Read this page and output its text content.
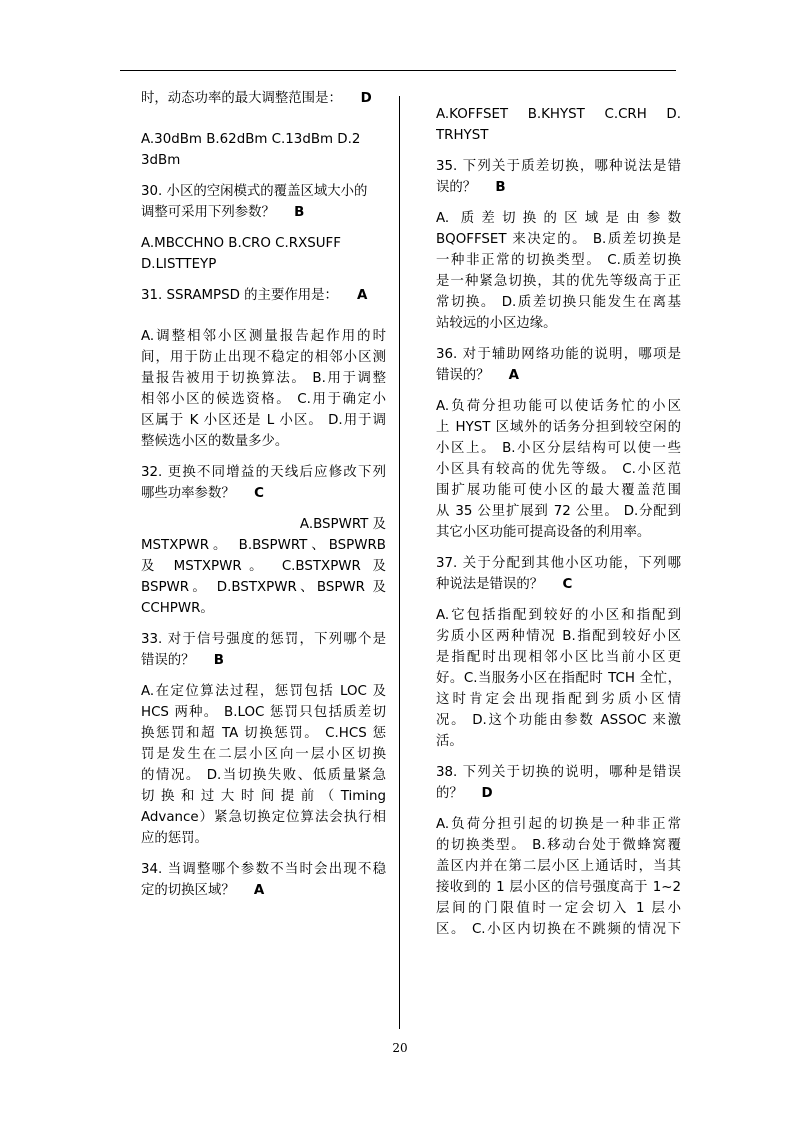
时，动态功率的最大调整范围是： D
A.30dBm B.62dBm C.13dBm D.2
3dBm
30. 小区的空闲模式的覆盖区域大小的
调整可采用下列参数？ B
A.MBCCHNO B.CRO C.RXSUFF
D.LISTTEYP
31. SSRAMPSD 的主要作用是： A
A.调整相邻小区测量报告起作用的时
间，用于防止出现不稳定的相邻小区测
量报告被用于切换算法。 B.用于调整
相邻小区的候选资格。 C.用于确定小
区属于 K 小区还是 L 小区。 D.用于调
整候选小区的数量多少。
32. 更换不同增益的天线后应修改下列
哪些功率参数？ C
A.BSPWRT 及
MSTXPWR。 B.BSPWRT、BSPWRB
及 MSTXPWR。 C.BSTXPWR 及
BSPWR。 D.BSTXPWR、BSPWR 及
CCHPWR。
33. 对于信号强度的惩罚，下列哪个是
错误的？ B
A.在定位算法过程，惩罚包括 LOC 及
HCS 两种。 B.LOC 惩罚只包括质差切
换惩罚和超 TA 切换惩罚。 C.HCS 惩
罚是发生在二层小区向一层小区切换
的情况。 D.当切换失败、低质量紧急
切换和过大时间提前（Timing
Advance）紧急切换定位算法会执行相
应的惩罚。
34. 当调整哪个参数不当时会出现不稳
定的切换区域？ A
A.KOFFSET B.KHYST C.CRH D.
TRHYST
35. 下列关于质差切换，哪种说法是错
误的？ B
A. 质差切换的区域是由参数
BQOFFSET 来决定的。 B.质差切换是
一种非正常的切换类型。 C.质差切换
是一种紧急切换，其的优先等级高于正
常切换。 D.质差切换只能发生在离基
站较远的小区边缘。
36. 对于辅助网络功能的说明，哪项是
错误的？ A
A.负荷分担功能可以使话务忙的小区
上 HYST 区域外的话务分担到较空闲的
小区上。 B.小区分层结构可以使一些
小区具有较高的优先等级。 C.小区范
围扩展功能可使小区的最大覆盖范围
从 35 公里扩展到 72 公里。 D.分配到
其它小区功能可提高设备的利用率。
37. 关于分配到其他小区功能，下列哪
种说法是错误的？ C
A.它包括指配到较好的小区和指配到
劣质小区两种情况 B.指配到较好小区
是指配时出现相邻小区比当前小区更
好。C.当服务小区在指配时 TCH 全忙，
这时肯定会出现指配到劣质小区情
况。 D.这个功能由参数 ASSOC 来激
活。
38. 下列关于切换的说明，哪种是错误
的？ D
A.负荷分担引起的切换是一种非正常
的切换类型。 B.移动台处于微蜂窝覆
盖区内并在第二层小区上通话时，当其
接收到的 1 层小区的信号强度高于 1~2
层间的门限值时一定会切入 1 层小
区。 C.小区内切换在不跳频的情况下
20
